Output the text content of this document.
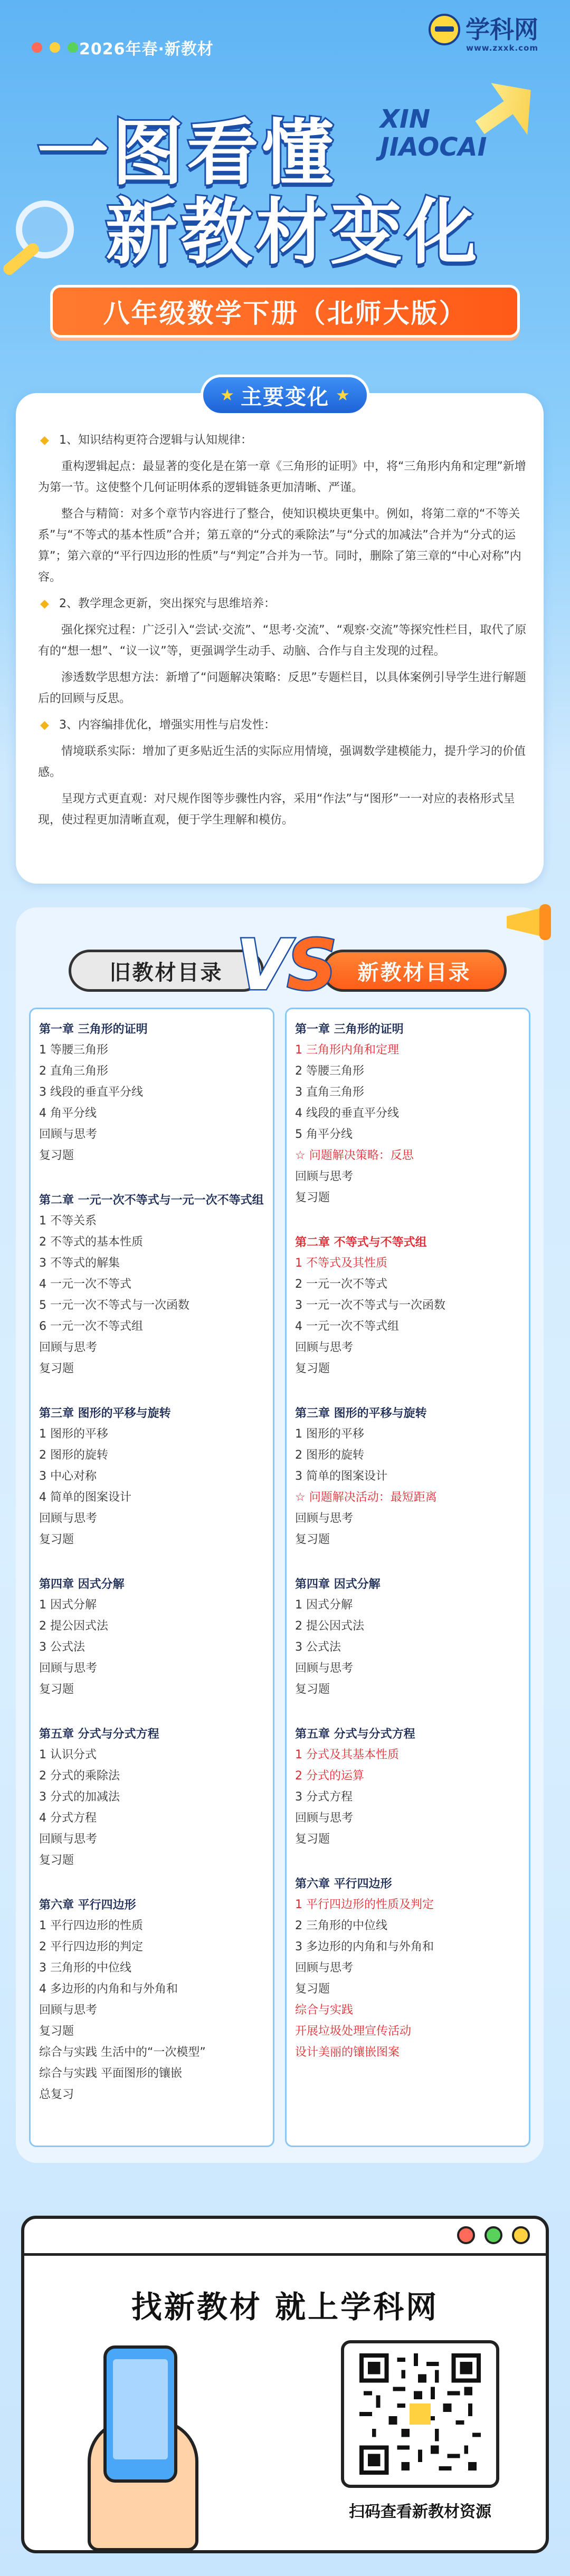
2026年春·新教材
学科网
www.zxxk.com
一图看懂 XIN
JIAOCAI
新教材变化
八年级数学下册（北师大版）
★ 主要变化 ★

◆ 1、知识结构更符合逻辑与认知规律：

重构逻辑起点：最显著的变化是在第一章《三角形的证明》中，将“三角形内角和定理”新增为第一节。这使整个几何证明体系的逻辑链条更加清晰、严谨。

整合与精简：对多个章节内容进行了整合，使知识模块更集中。例如，将第二章的“不等关系”与“不等式的基本性质”合并；第五章的“分式的乘除法”与“分式的加减法”合并为“分式的运算”；第六章的“平行四边形的性质”与“判定”合并为一节。同时，删除了第三章的“中心对称”内容。

◆ 2、教学理念更新，突出探究与思维培养：

强化探究过程：广泛引入“尝试·交流”、“思考·交流”、“观察·交流”等探究性栏目，取代了原有的“想一想”、“议一议”等，更强调学生动手、动脑、合作与自主发现的过程。

渗透数学思想方法：新增了“问题解决策略：反思”专题栏目，以具体案例引导学生进行解题后的回顾与反思。

◆ 3、内容编排优化，增强实用性与启发性：

情境联系实际：增加了更多贴近生活的实际应用情境，强调数学建模能力，提升学习的价值感。

呈现方式更直观：对尺规作图等步骤性内容，采用“作法”与“图形”一一对应的表格形式呈现，使过程更加清晰直观，便于学生理解和模仿。

旧教材目录	新教材目录
VS
第一章 三角形的证明
1 等腰三角形
2 直角三角形
3 线段的垂直平分线
4 角平分线
回顾与思考
复习题
第二章 一元一次不等式与一元一次不等式组
1 不等关系
2 不等式的基本性质
3 不等式的解集
4 一元一次不等式
5 一元一次不等式与一次函数
6 一元一次不等式组
回顾与思考
复习题
第三章 图形的平移与旋转
1 图形的平移
2 图形的旋转
3 中心对称
4 简单的图案设计
回顾与思考
复习题
第四章 因式分解
1 因式分解
2 提公因式法
3 公式法
回顾与思考
复习题
第五章 分式与分式方程
1 认识分式
2 分式的乘除法
3 分式的加减法
4 分式方程
回顾与思考
复习题
第六章 平行四边形
1 平行四边形的性质
2 平行四边形的判定
3 三角形的中位线
4 多边形的内角和与外角和
回顾与思考
复习题
综合与实践 生活中的“一次模型”
综合与实践 平面图形的镶嵌
总复习
第一章 三角形的证明
1 三角形内角和定理
2 等腰三角形
3 直角三角形
4 线段的垂直平分线
5 角平分线
☆ 问题解决策略：反思
回顾与思考
复习题
第二章 不等式与不等式组
1 不等式及其性质
2 一元一次不等式
3 一元一次不等式与一次函数
4 一元一次不等式组
回顾与思考
复习题
第三章 图形的平移与旋转
1 图形的平移
2 图形的旋转
3 简单的图案设计
☆ 问题解决活动：最短距离
回顾与思考
复习题
第四章 因式分解
1 因式分解
2 提公因式法
3 公式法
回顾与思考
复习题
第五章 分式与分式方程
1 分式及其基本性质
2 分式的运算
3 分式方程
回顾与思考
复习题
第六章 平行四边形
1 平行四边形的性质及判定
2 三角形的中位线
3 多边形的内角和与外角和
回顾与思考
复习题
综合与实践
开展垃圾处理宣传活动
设计美丽的镶嵌图案
找新教材 就上学科网
扫码查看新教材资源
